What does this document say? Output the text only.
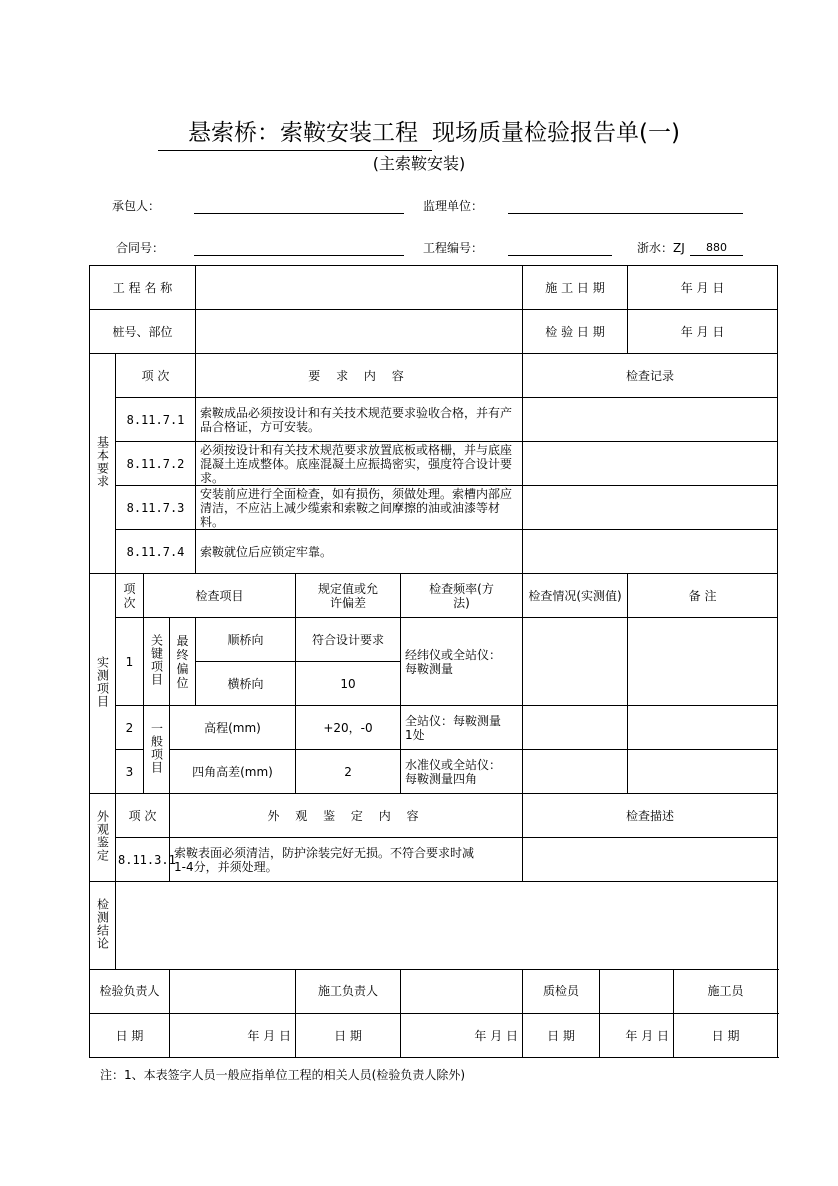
悬索桥：索鞍安装工程 现场质量检验报告单(一)
(主索鞍安装)
承包人：	监理单位：
合同号：	工程编号：	浙水：ZJ	880
工 程 名 称							施 工 日 期		年 月 日		
桩号、部位							检 验 日 期		年 月 日		
基本要求	项 次			要 求 内 容			检查记录				
	8.11.7.1			索鞍成品必须按设计和有关技术规范要求验收合格，并有产品合格证，方可安装。							
	8.11.7.2			必须按设计和有关技术规范要求放置底板或格栅，并与底座混凝土连成整体。底座混凝土应振捣密实，强度符合设计要求。							
	8.11.7.3			安装前应进行全面检查，如有损伤，须做处理。索槽内部应清洁，不应沾上减少缆索和索鞍之间摩擦的油或油漆等材料。							
	8.11.7.4			索鞍就位后应锁定牢靠。							
实测项目	项次	检查项目			规定值或允许偏差	检查频率(方 法)	检查情况(实测值)		备 注		
	1	关键项目	最终偏位	顺桥向	符合设计要求	经纬仪或全站仪：每鞍测量					
				横桥向	10						
	2	一般项目	高程(mm)		+20，-0	全站仪：每鞍测量1处					
	3		四角高差(mm)		2	水准仪或全站仪：每鞍测量四角					
外观鉴定	项 次		外 观 鉴 定 内 容				检查描述				
	8.11.3.1		索鞍表面必须清洁，防护涂装完好无损。不符合要求时减1-4分，并须处理。								
检测结论											
检验负责人					施工负责人		质检员			施工员	
日 期			年 月 日		日 期	年 月 日	日 期	年 月 日		日 期	
注：1、本表签字人员一般应指单位工程的相关人员(检验负责人除外)
